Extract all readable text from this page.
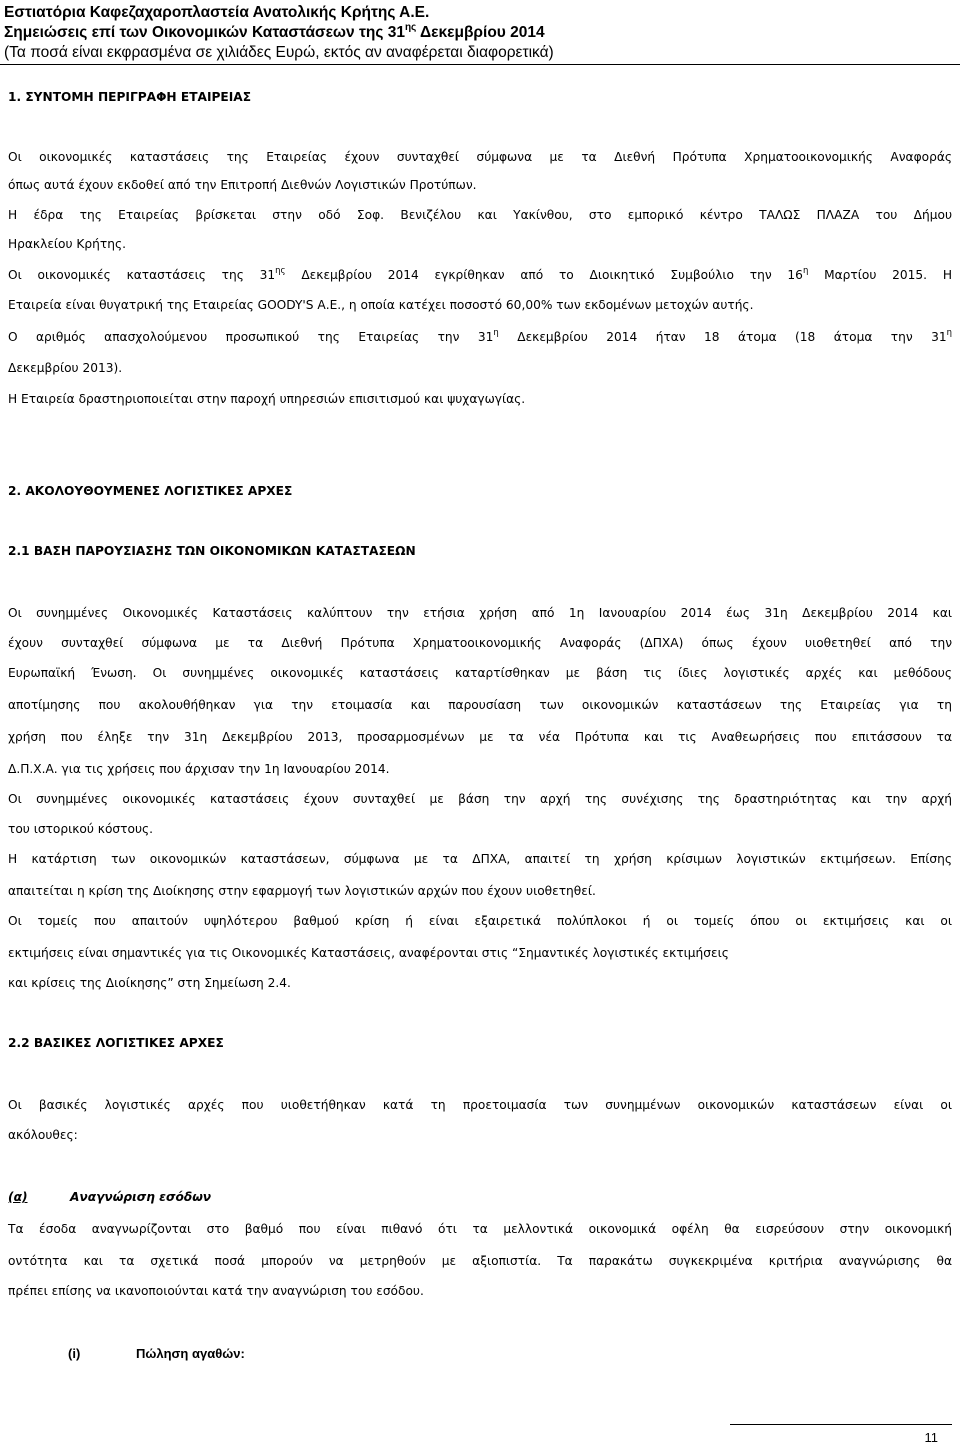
Εστιατόρια Καφεζαχαροπλαστεία Ανατολικής Κρήτης Α.Ε.
Σημειώσεις επί των Οικονομικών Καταστάσεων της $31^{\eta\varsigma}$ Δεκεμβρίου 2014
(Τα ποσά είναι εκφρασμένα σε χιλιάδες Ευρώ, εκτός αν αναφέρεται διαφορετικά)
1. ΣΥΝΤΟΜΗ ΠΕΡΙΓΡΑΦΗ ΕΤΑΙΡΕΙΑΣ
Οι οικονομικές καταστάσεις της Εταιρείας έχουν συνταχθεί σύμφωνα με τα Διεθνή Πρότυπα Χρηματοοικονομικής Αναφοράς
όπως αυτά έχουν εκδοθεί από την Επιτροπή Διεθνών Λογιστικών Προτύπων.
Η έδρα της Εταιρείας βρίσκεται στην οδό Σοφ. Βενιζέλου και Υακίνθου, στο εμπορικό κέντρο ΤΑΛΩΣ ΠΛΑΖΑ του Δήμου
Ηρακλείου Κρήτης.
Οι οικονομικές καταστάσεις της $31^{\eta\varsigma}$ Δεκεμβρίου 2014 εγκρίθηκαν από το Διοικητικό Συμβούλιο την $16^\eta$ Μαρτίου 2015. Η
Εταιρεία είναι θυγατρική της Εταιρείας GOODY'S Α.Ε., η οποία κατέχει ποσοστό 60,00% των εκδομένων μετοχών αυτής.
Ο αριθμός απασχολούμενου προσωπικού της Εταιρείας την $31^\eta$ Δεκεμβρίου 2014 ήταν 18 άτομα (18 άτομα την $31^\eta$
Δεκεμβρίου 2013).
Η Εταιρεία δραστηριοποιείται στην παροχή υπηρεσιών επισιτισμού και ψυχαγωγίας.
2. ΑΚΟΛΟΥΘΟΥΜΕΝΕΣ ΛΟΓΙΣΤΙΚΕΣ ΑΡΧΕΣ
2.1 ΒΑΣΗ ΠΑΡΟΥΣΙΑΣΗΣ ΤΩΝ ΟΙΚΟΝΟΜΙΚΩΝ ΚΑΤΑΣΤΑΣΕΩΝ
Οι συνημμένες Οικονομικές Καταστάσεις καλύπτουν την ετήσια χρήση από 1η Ιανουαρίου 2014 έως 31η Δεκεμβρίου 2014 και
έχουν συνταχθεί σύμφωνα με τα Διεθνή Πρότυπα Χρηματοοικονομικής Αναφοράς (ΔΠΧΑ) όπως έχουν υιοθετηθεί από την
Ευρωπαϊκή Ένωση. Οι συνημμένες οικονομικές καταστάσεις καταρτίσθηκαν με βάση τις ίδιες λογιστικές αρχές και μεθόδους
αποτίμησης που ακολουθήθηκαν για την ετοιμασία και παρουσίαση των οικονομικών καταστάσεων της Εταιρείας για τη
χρήση που έληξε την 31η Δεκεμβρίου 2013, προσαρμοσμένων με τα νέα Πρότυπα και τις Αναθεωρήσεις που επιτάσσουν τα
Δ.Π.Χ.Α. για τις χρήσεις που άρχισαν την 1η Ιανουαρίου 2014.
Οι συνημμένες οικονομικές καταστάσεις έχουν συνταχθεί με βάση την αρχή της συνέχισης της δραστηριότητας και την αρχή
του ιστορικού κόστους.
Η κατάρτιση των οικονομικών καταστάσεων, σύμφωνα με τα ΔΠΧΑ, απαιτεί τη χρήση κρίσιμων λογιστικών εκτιμήσεων. Επίσης
απαιτείται η κρίση της Διοίκησης στην εφαρμογή των λογιστικών αρχών που έχουν υιοθετηθεί.
Οι τομείς που απαιτούν υψηλότερου βαθμού κρίση ή είναι εξαιρετικά πολύπλοκοι ή οι τομείς όπου οι εκτιμήσεις και οι
εκτιμήσεις είναι σημαντικές για τις Οικονομικές Καταστάσεις, αναφέρονται στις “Σημαντικές λογιστικές εκτιμήσεις
και κρίσεις της Διοίκησης” στη Σημείωση 2.4.
2.2 ΒΑΣΙΚΕΣ ΛΟΓΙΣΤΙΚΕΣ ΑΡΧΕΣ
Οι βασικές λογιστικές αρχές που υιοθετήθηκαν κατά τη προετοιμασία των συνημμένων οικονομικών καταστάσεων είναι οι
ακόλουθες:
(α)	Αναγνώριση εσόδων
Τα έσοδα αναγνωρίζονται στο βαθμό που είναι πιθανό ότι τα μελλοντικά οικονομικά οφέλη θα εισρεύσουν στην οικονομική
οντότητα και τα σχετικά ποσά μπορούν να μετρηθούν με αξιοπιστία. Τα παρακάτω συγκεκριμένα κριτήρια αναγνώρισης θα
πρέπει επίσης να ικανοποιούνται κατά την αναγνώριση του εσόδου.
(i)	Πώληση αγαθών:
11
